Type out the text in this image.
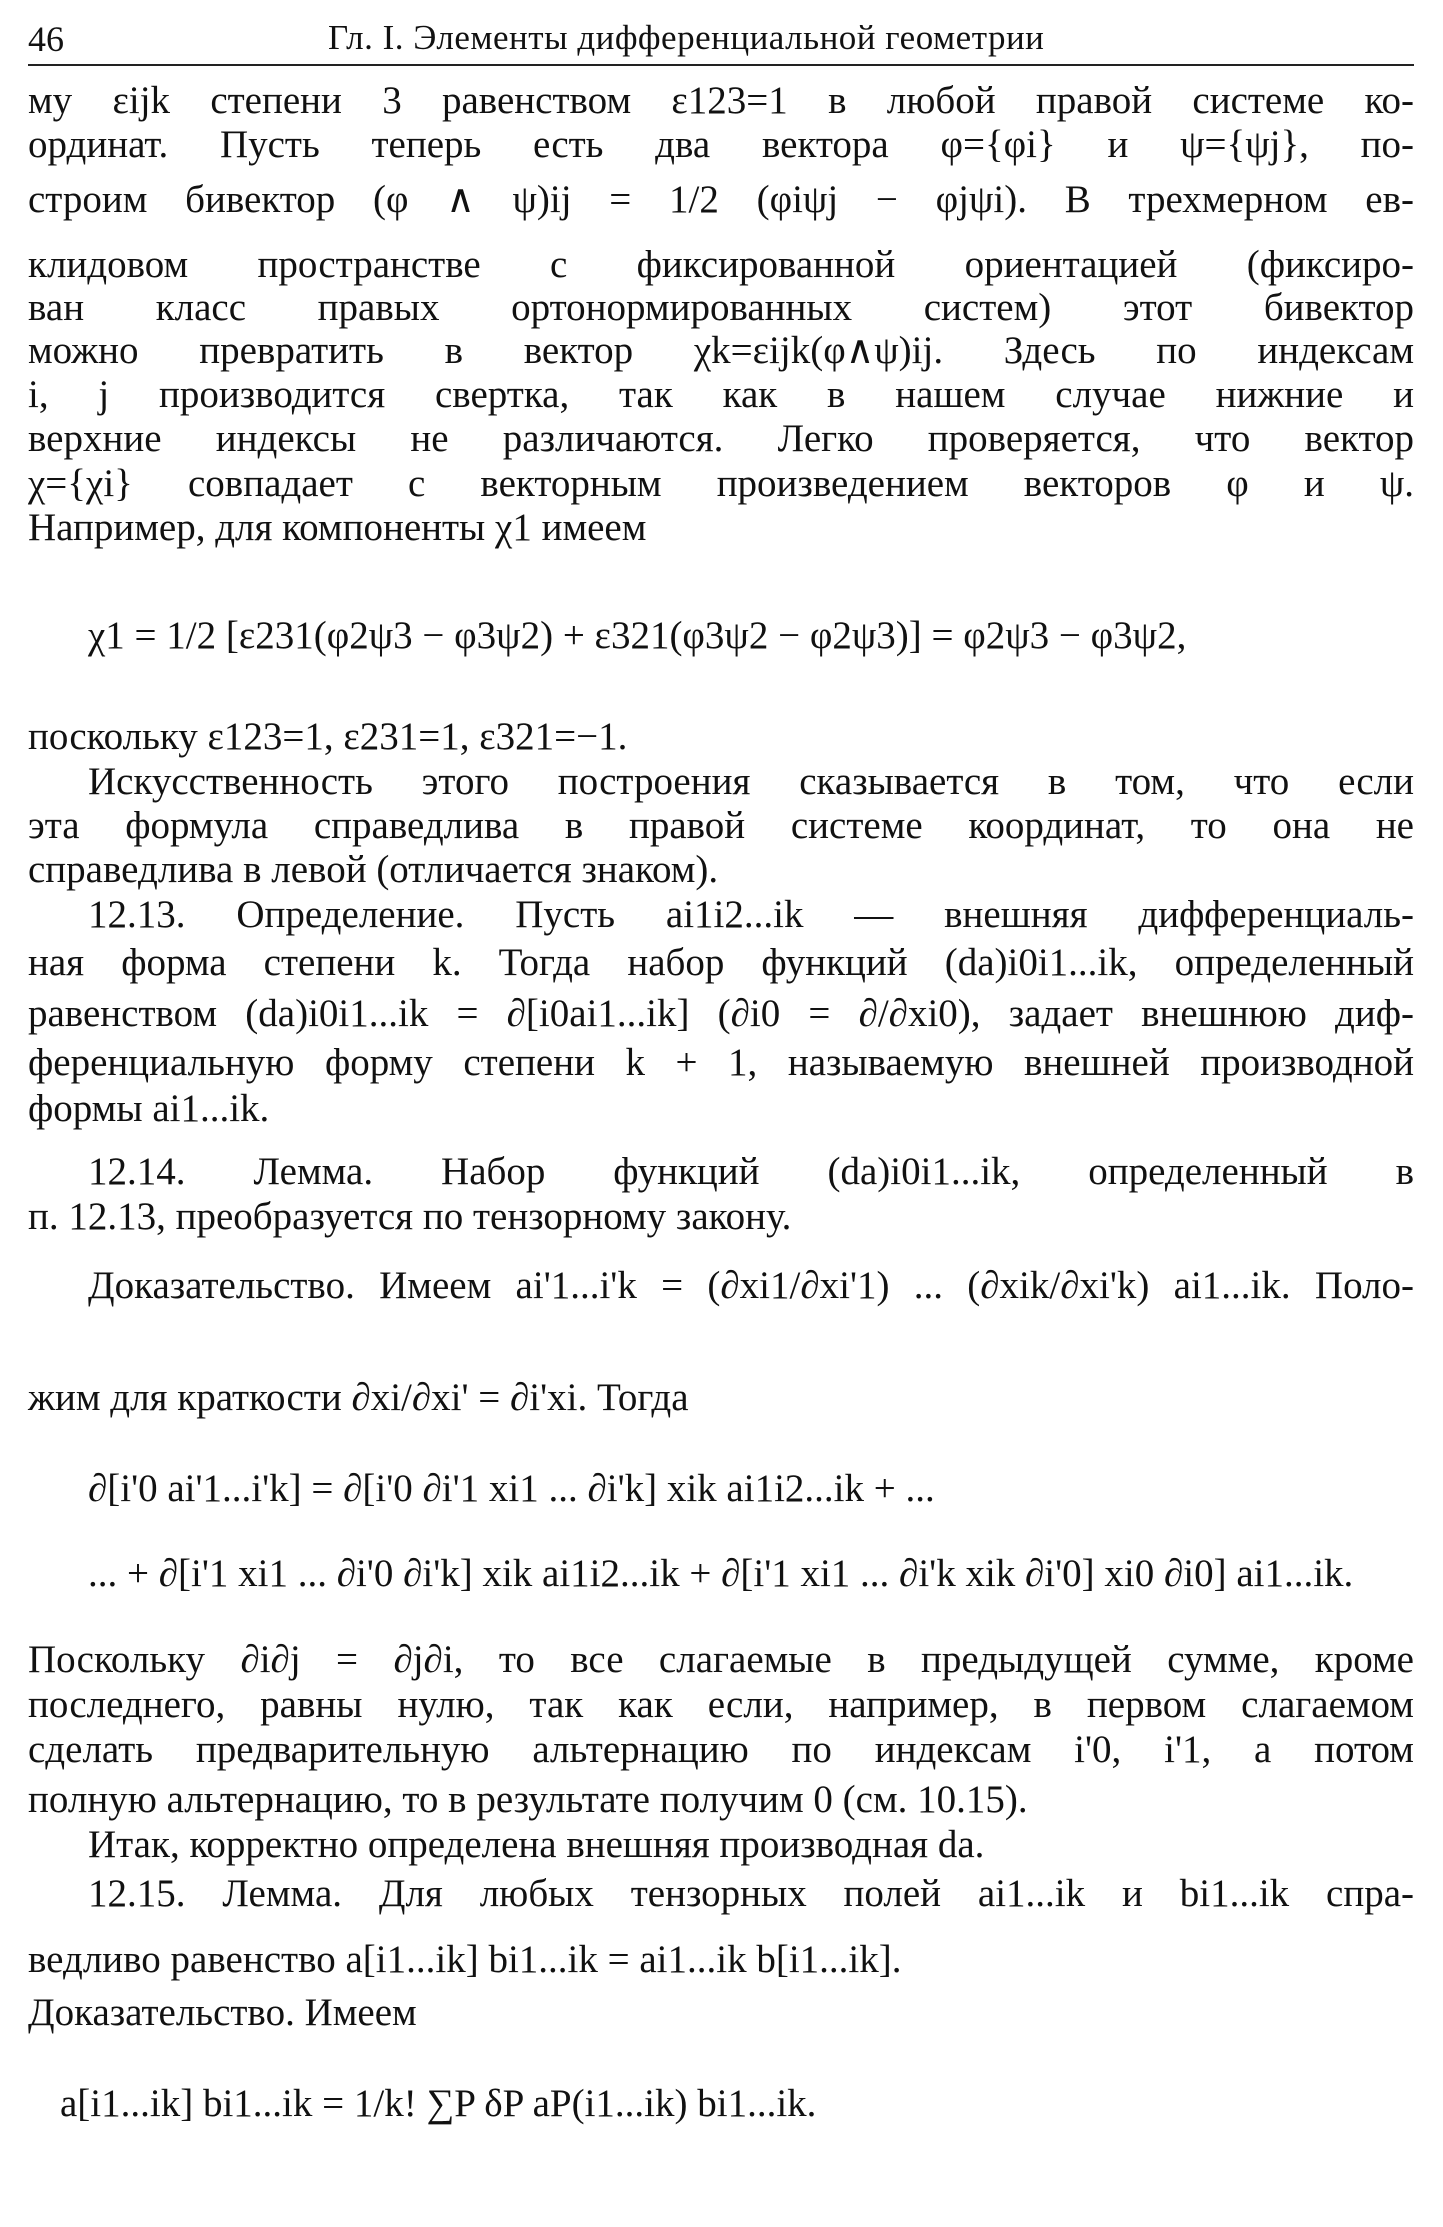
46	Гл. I. Элементы дифференциальной геометрии
му εijk степени 3 равенством ε123=1 в любой правой системе ко-
ординат. Пусть теперь есть два вектора φ={φi} и ψ={ψj}, по-
строим бивектор (φ ∧ ψ)ij = 1/2 (φiψj − φjψi). В трехмерном ев-
клидовом пространстве с фиксированной ориентацией (фиксиро-
ван класс правых ортонормированных систем) этот бивектор
можно превратить в вектор χk=εijk(φ∧ψ)ij. Здесь по индексам
i, j производится свертка, так как в нашем случае нижние и
верхние индексы не различаются. Легко проверяется, что вектор
χ={χi} совпадает с векторным произведением векторов φ и ψ.
Например, для компоненты χ1 имеем
χ1 = 1/2 [ε231(φ2ψ3 − φ3ψ2) + ε321(φ3ψ2 − φ2ψ3)] = φ2ψ3 − φ3ψ2,
поскольку ε123=1, ε231=1, ε321=−1.
Искусственность этого построения сказывается в том, что если
эта формула справедлива в правой системе координат, то она не
справедлива в левой (отличается знаком).
12.13. Определение. Пусть ai1i2...ik — внешняя дифференциаль-
ная форма степени k. Тогда набор функций (da)i0i1...ik, определенный
равенством (da)i0i1...ik = ∂[i0ai1...ik] (∂i0 = ∂/∂xi0), задает внешнюю диф-
ференциальную форму степени k + 1, называемую внешней производной
формы ai1...ik.
12.14. Лемма. Набор функций (da)i0i1...ik, определенный в
п. 12.13, преобразуется по тензорному закону.
Доказательство. Имеем ai'1...i'k = (∂xi1/∂xi'1) ... (∂xik/∂xi'k) ai1...ik. Поло-
жим для краткости ∂xi/∂xi' = ∂i'xi. Тогда
∂[i'0 ai'1...i'k] = ∂[i'0 ∂i'1 xi1 ... ∂i'k] xik ai1i2...ik + ...
... + ∂[i'1 xi1 ... ∂i'0 ∂i'k] xik ai1i2...ik + ∂[i'1 xi1 ... ∂i'k xik ∂i'0] xi0 ∂i0] ai1...ik.
Поскольку ∂i∂j = ∂j∂i, то все слагаемые в предыдущей сумме, кроме
последнего, равны нулю, так как если, например, в первом слагаемом
сделать предварительную альтернацию по индексам i'0, i'1, а потом
полную альтернацию, то в результате получим 0 (см. 10.15).
Итак, корректно определена внешняя производная da.
12.15. Лемма. Для любых тензорных полей ai1...ik и bi1...ik спра-
ведливо равенство a[i1...ik] bi1...ik = ai1...ik b[i1...ik].
Доказательство. Имеем
a[i1...ik] bi1...ik = 1/k! ∑P δP aP(i1...ik) bi1...ik.
